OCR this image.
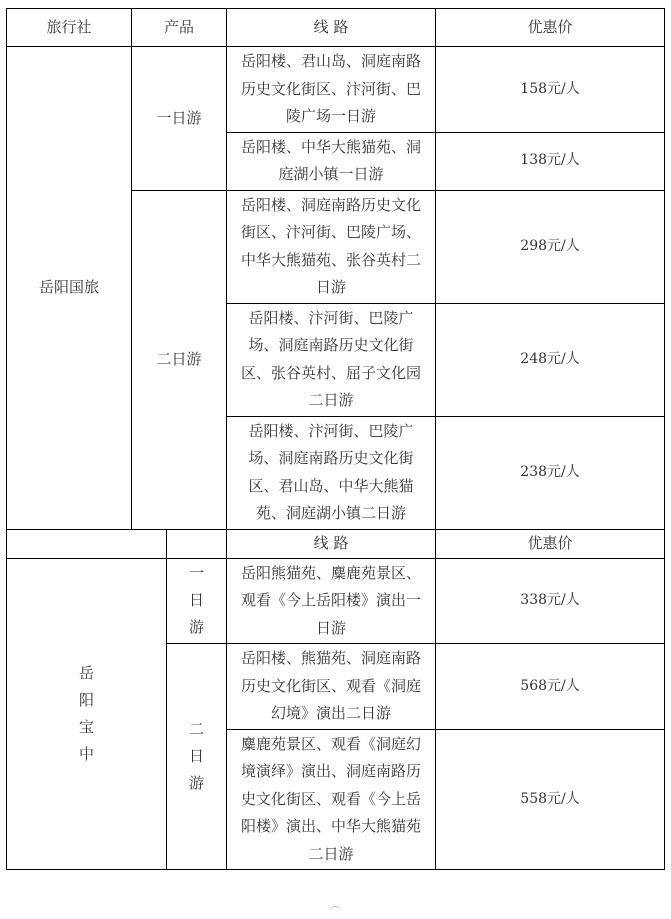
旅行社	产品		线 路	优惠价
岳阳国旅	一日游		岳阳楼、君山岛、洞庭南路历史文化街区、汴河街、巴陵广场一日游	158元/人
			岳阳楼、中华大熊猫苑、洞庭湖小镇一日游	138元/人
	二日游		岳阳楼、洞庭南路历史文化街区、汴河街、巴陵广场、中华大熊猫苑、张谷英村二日游	298元/人
			岳阳楼、汴河街、巴陵广场、洞庭南路历史文化街区、张谷英村、屈子文化园二日游	248元/人
			岳阳楼、汴河街、巴陵广场、洞庭南路历史文化街区、君山岛、中华大熊猫苑、洞庭湖小镇二日游	238元/人
			线 路	优惠价
岳阳宝中		一日游	岳阳熊猫苑、麋鹿苑景区、观看《今上岳阳楼》演出一日游	338元/人
		二日游	岳阳楼、熊猫苑、洞庭南路历史文化街区、观看《洞庭幻境》演出二日游	568元/人
			麋鹿苑景区、观看《洞庭幻境演绎》演出、洞庭南路历史文化街区、观看《今上岳阳楼》演出、中华大熊猫苑二日游	558元/人
